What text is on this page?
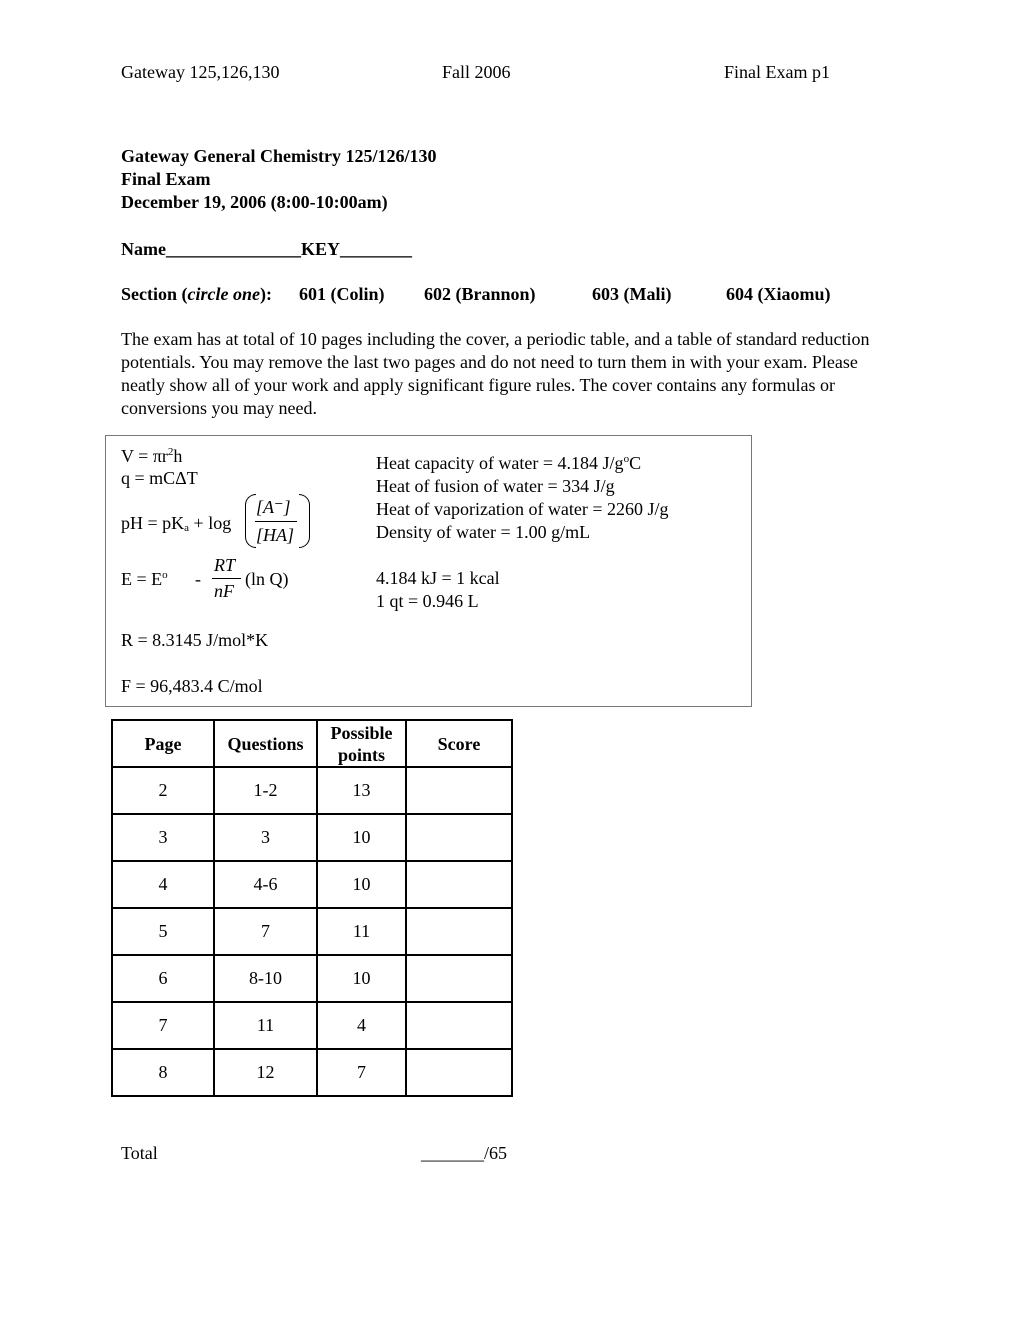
Gateway 125,126,130	Fall 2006	Final Exam p1
Gateway General Chemistry 125/126/130
Final Exam
December 19, 2006 (8:00-10:00am)
Name_______________KEY________
Section (circle one): 601 (Colin) 602 (Brannon)	603 (Mali)	604 (Xiaomu)
The exam has at total of 10 pages including the cover, a periodic table, and a table of standard reduction potentials. You may remove the last two pages and do not need to turn them in with your exam. Please neatly show all of your work and apply significant figure rules. The cover contains any formulas or conversions you may need.
$V = \pi r^2h$
q = mCΔT
pH = $pK_a + \log$
[A⁻]
[HA]
$E = E^o$ -
RT
nF
(ln Q)
R = 8.3145 J/mol*K
F = 96,483.4 C/mol
Heat capacity of water = 4.184 $J/g^oC$
Heat of fusion of water = 334 J/g
Heat of vaporization of water = 2260 J/g
Density of water = 1.00 g/mL
4.184 kJ = 1 kcal
1 qt = 0.946 L
Page	Questions	Possible points	Score
2	1-2	13	
3	3	10	
4	4-6	10	
5	7	11	
6	8-10	10	
7	11	4	
8	12	7	
Total	_______/65
